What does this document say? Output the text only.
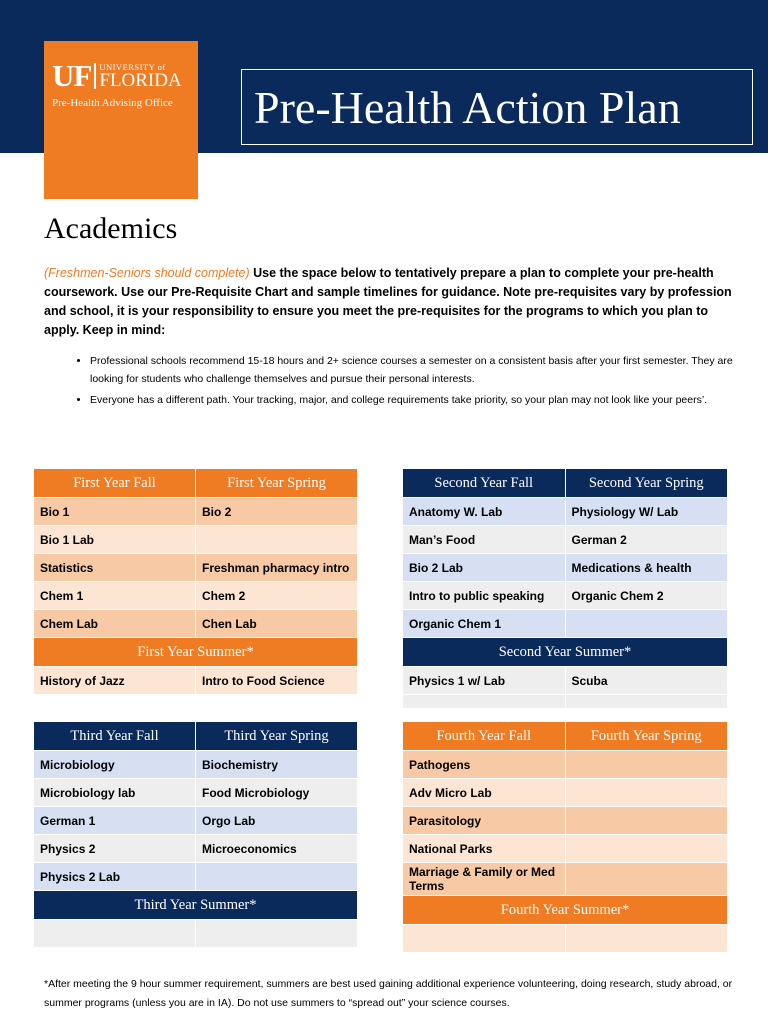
UF UNIVERSITY of
FLORIDA
Pre-Health Advising Office Pre-Health Action Plan
Academics
(Freshmen-Seniors should complete) Use the space below to tentatively prepare a plan to complete your pre-health coursework. Use our Pre-Requisite Chart and sample timelines for guidance. Note pre-requisites vary by profession and school, it is your responsibility to ensure you meet the pre-requisites for the programs to which you plan to apply. Keep in mind:
• Professional schools recommend 15-18 hours and 2+ science courses a semester on a consistent basis after your first semester. They are looking for students who challenge themselves and pursue their personal interests.
• Everyone has a different path. Your tracking, major, and college requirements take priority, so your plan may not look like your peers’.
First Year Fall	First Year Spring
Bio 1	Bio 2
Bio 1 Lab	
Statistics	Freshman pharmacy intro
Chem 1	Chem 2
Chem Lab	Chen Lab
First Year Summer*	
History of Jazz	Intro to Food Science
Second Year Fall	Second Year Spring
Anatomy W. Lab	Physiology W/ Lab
Man’s Food	German 2
Bio 2 Lab	Medications & health
Intro to public speaking	Organic Chem 2
Organic Chem 1	
Second Year Summer*	
Physics 1 w/ Lab	Scuba

Third Year Fall	Third Year Spring
Microbiology	Biochemistry
Microbiology lab	Food Microbiology
German 1	Orgo Lab
Physics 2	Microeconomics
Physics 2 Lab	
Third Year Summer*	

Fourth Year Fall	Fourth Year Spring
Pathogens	
Adv Micro Lab	
Parasitology	
National Parks	
Marriage & Family or Med Terms	
Fourth Year Summer*	

*After meeting the 9 hour summer requirement, summers are best used gaining additional experience volunteering, doing research, study abroad, or summer programs (unless you are in IA). Do not use summers to “spread out” your science courses.
